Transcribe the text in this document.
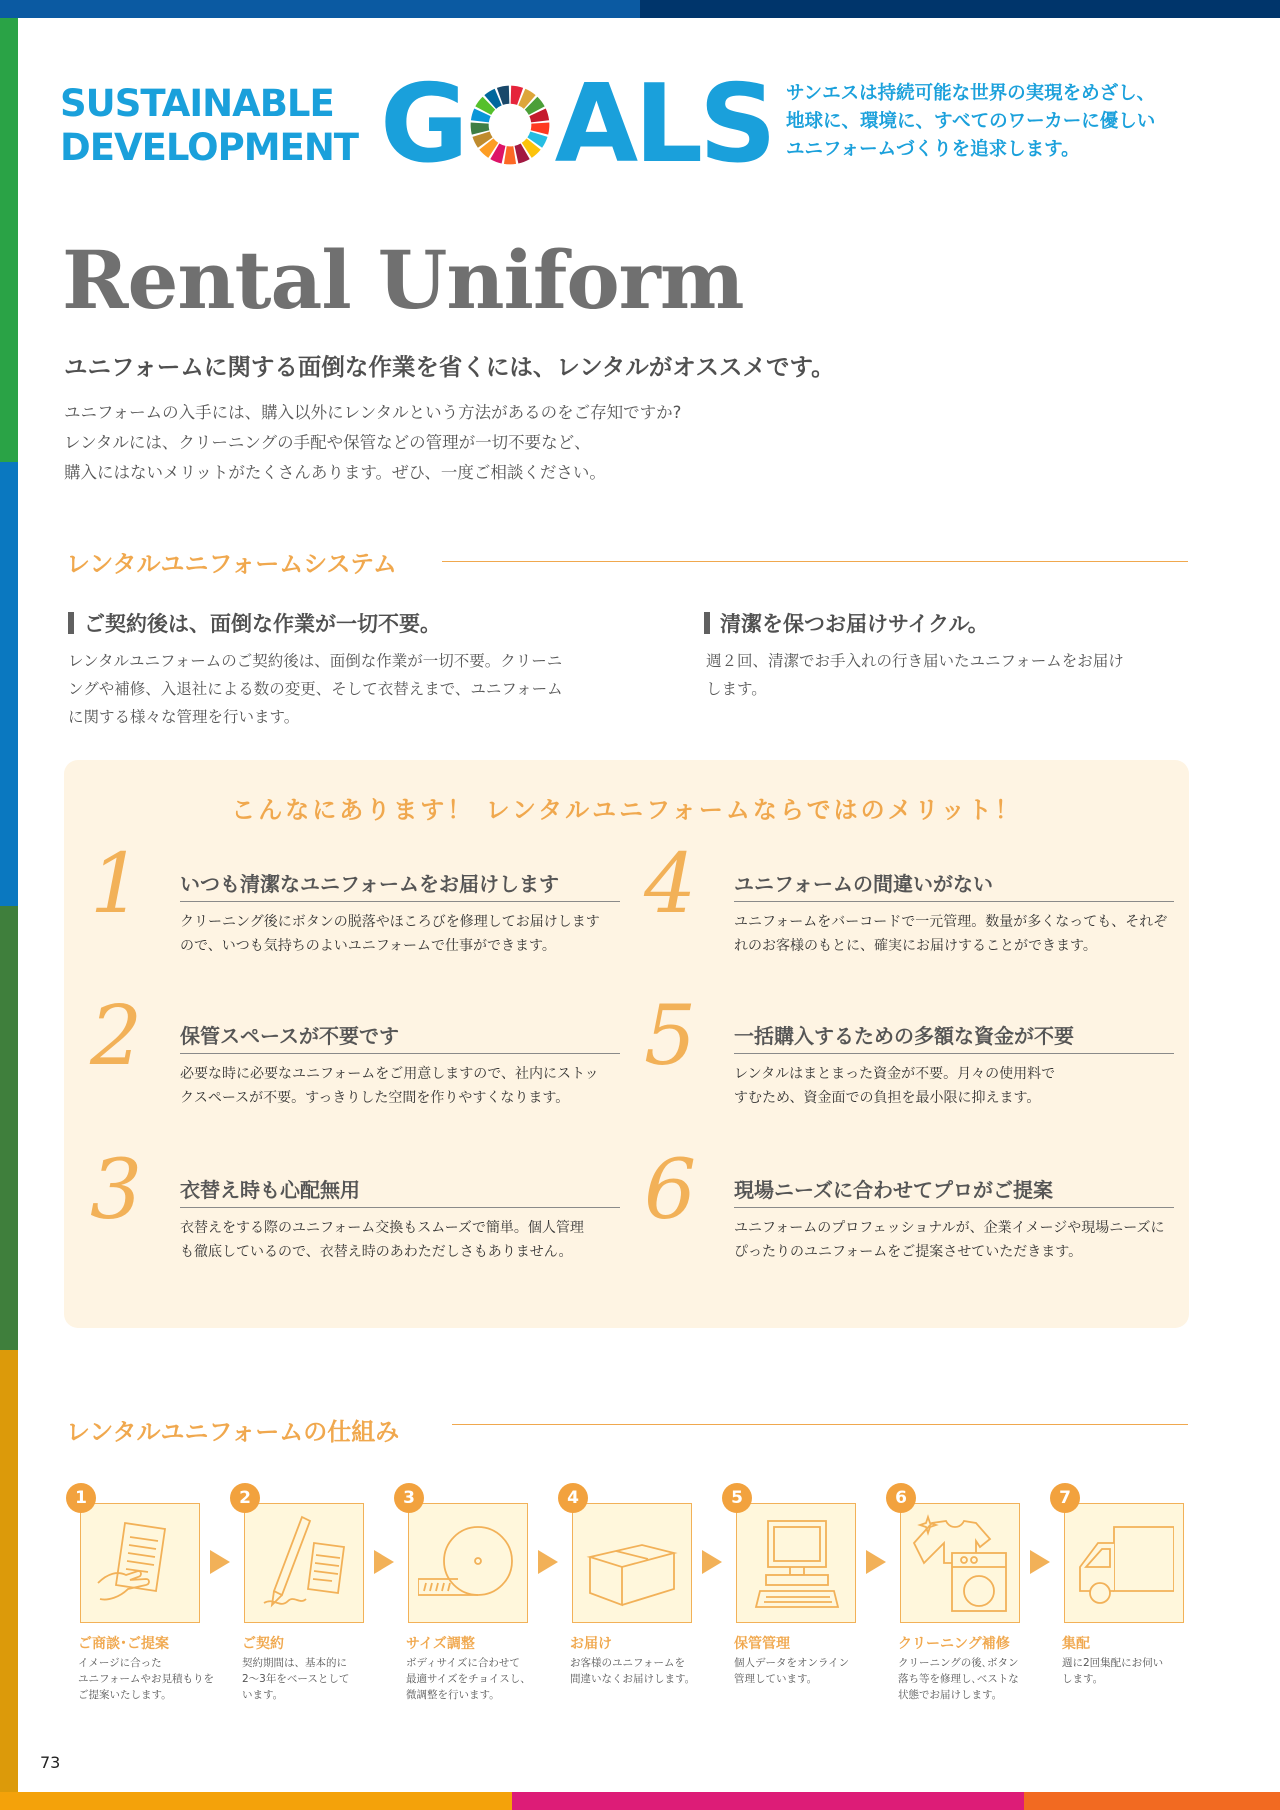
SUSTAINABLE
DEVELOPMENT G ALS サンエスは持続可能な世界の実現をめざし、
地球に、環境に、すべてのワーカーに優しい
ユニフォームづくりを追求します。
Rental Uniform
ユニフォームに関する面倒な作業を省くには、レンタルがオススメです。
ユニフォームの入手には、購入以外にレンタルという方法があるのをご存知ですか?
レンタルには、クリーニングの手配や保管などの管理が一切不要など、
購入にはないメリットがたくさんあります。ぜひ、一度ご相談ください。
レンタルユニフォームシステム
ご契約後は、面倒な作業が一切不要。
レンタルユニフォームのご契約後は、面倒な作業が一切不要。クリーニ
ングや補修、入退社による数の変更、そして衣替えまで、ユニフォーム
に関する様々な管理を行います。
清潔を保つお届けサイクル。
週２回、清潔でお手入れの行き届いたユニフォームをお届け
します。
こんなにあります！ レンタルユニフォームならではのメリット！
1 いつも清潔なユニフォームをお届けします
クリーニング後にボタンの脱落やほころびを修理してお届けします
ので、いつも気持ちのよいユニフォームで仕事ができます。
2 保管スペースが不要です
必要な時に必要なユニフォームをご用意しますので、社内にストッ
クスペースが不要。すっきりした空間を作りやすくなります。
3 衣替え時も心配無用
衣替えをする際のユニフォーム交換もスムーズで簡単。個人管理
も徹底しているので、衣替え時のあわただしさもありません。
4 ユニフォームの間違いがない
ユニフォームをバーコードで一元管理。数量が多くなっても、それぞ
れのお客様のもとに、確実にお届けすることができます。
5 一括購入するための多額な資金が不要
レンタルはまとまった資金が不要。月々の使用料で
すむため、資金面での負担を最小限に抑えます。
6 現場ニーズに合わせてプロがご提案
ユニフォームのプロフェッショナルが、企業イメージや現場ニーズに
ぴったりのユニフォームをご提案させていただきます。
レンタルユニフォームの仕組み
1
ご商談･ご提案
イメージに合った
ユニフォームやお見積もりを
ご提案いたします。
2
ご契約
契約期間は、基本的に
2〜3年をベースとして
います。
3
サイズ調整
ボディサイズに合わせて
最適サイズをチョイスし、
微調整を行います。
4
お届け
お客様のユニフォームを
間違いなくお届けします。
5
保管管理
個人データをオンライン
管理しています。
6
クリーニング補修
クリーニングの後､ボタン
落ち等を修理し､ベストな
状態でお届けします。
7
集配
週に2回集配にお伺い
します。
73
